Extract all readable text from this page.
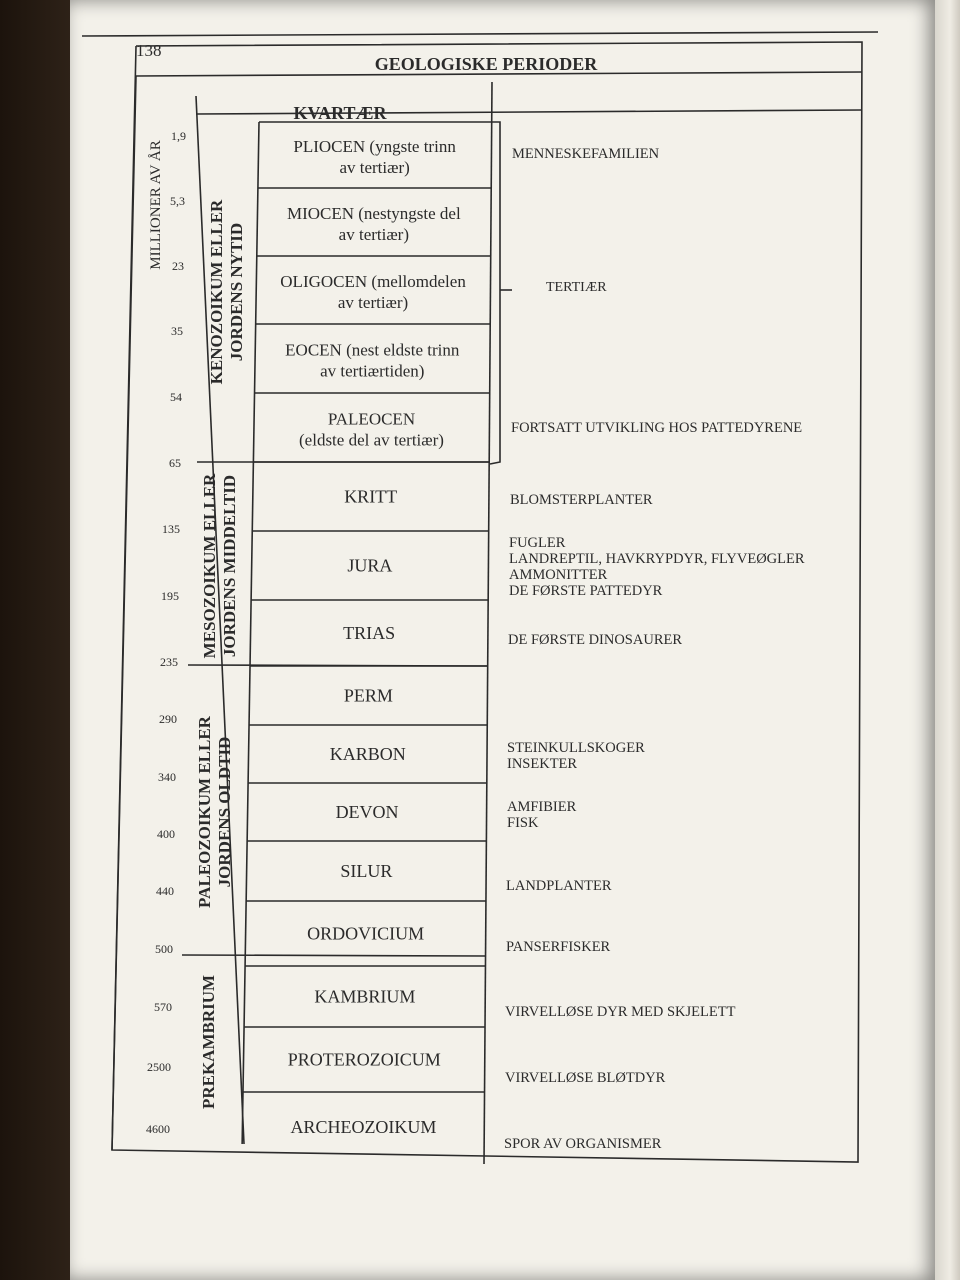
138
GEOLOGISKE PERIODER
KVARTÆR
MILLIONER AV ÅR
TERTIÆR
1,9
5,3
23
35
54
65
135
195
235
290
340
400
440
500
570
2500
4600
KENOZOIKUM ELLER JORDENS NYTID
MESOZOIKUM ELLER JORDENS MIDDELTID
PALEOZOIKUM ELLER JORDENS OLDTID
PREKAMBRIUM
PLIOCEN (yngste trinn
av tertiær)
MIOCEN (nestyngste del
av tertiær)
OLIGOCEN (mellomdelen
av tertiær)
EOCEN (nest eldste trinn
av tertiærtiden)
PALEOCEN
(eldste del av tertiær)
KRITT
JURA
TRIAS
PERM
KARBON
DEVON
SILUR
ORDOVICIUM
KAMBRIUM
PROTEROZOICUM
ARCHEOZOIKUM
MENNESKEFAMILIEN
FORTSATT UTVIKLING HOS PATTEDYRENE
BLOMSTERPLANTER
FUGLER
LANDREPTIL, HAVKRYPDYR, FLYVEØGLER
AMMONITTER
DE FØRSTE PATTEDYR
DE FØRSTE DINOSAURER
STEINKULLSKOGER
INSEKTER
AMFIBIER
FISK
LANDPLANTER
PANSERFISKER
VIRVELLØSE DYR MED SKJELETT
VIRVELLØSE BLØTDYR
SPOR AV ORGANISMER
